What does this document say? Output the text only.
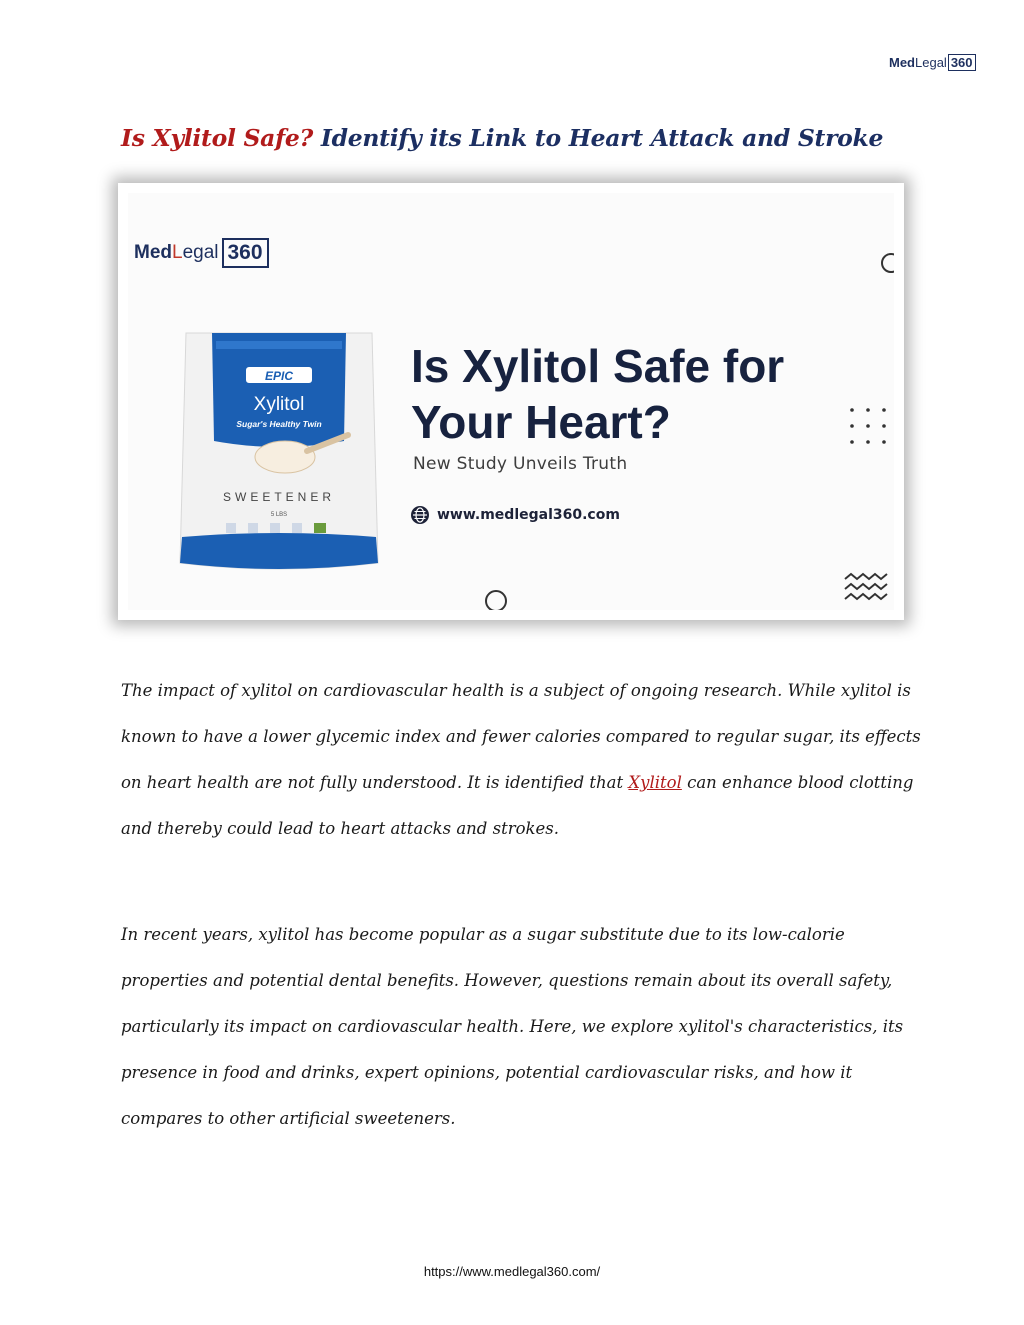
Med Legal 360
Is Xylitol Safe? Identify its Link to Heart Attack and Stroke
Med Legal 360
EPIC
Xylitol
Sugar's Healthy Twin
SWEETENER
5 LBS
Is Xylitol Safe for
Your Heart?
New Study Unveils Truth
www.medlegal360.com

The impact of xylitol on cardiovascular health is a subject of ongoing research. While xylitol is known to have a lower glycemic index and fewer calories compared to regular sugar, its effects on heart health are not fully understood. It is identified that Xylitol can enhance blood clotting and thereby could lead to heart attacks and strokes.

In recent years, xylitol has become popular as a sugar substitute due to its low-calorie properties and potential dental benefits. However, questions remain about its overall safety, particularly its impact on cardiovascular health. Here, we explore xylitol's characteristics, its presence in food and drinks, expert opinions, potential cardiovascular risks, and how it compares to other artificial sweeteners.

https://www.medlegal360.com/
